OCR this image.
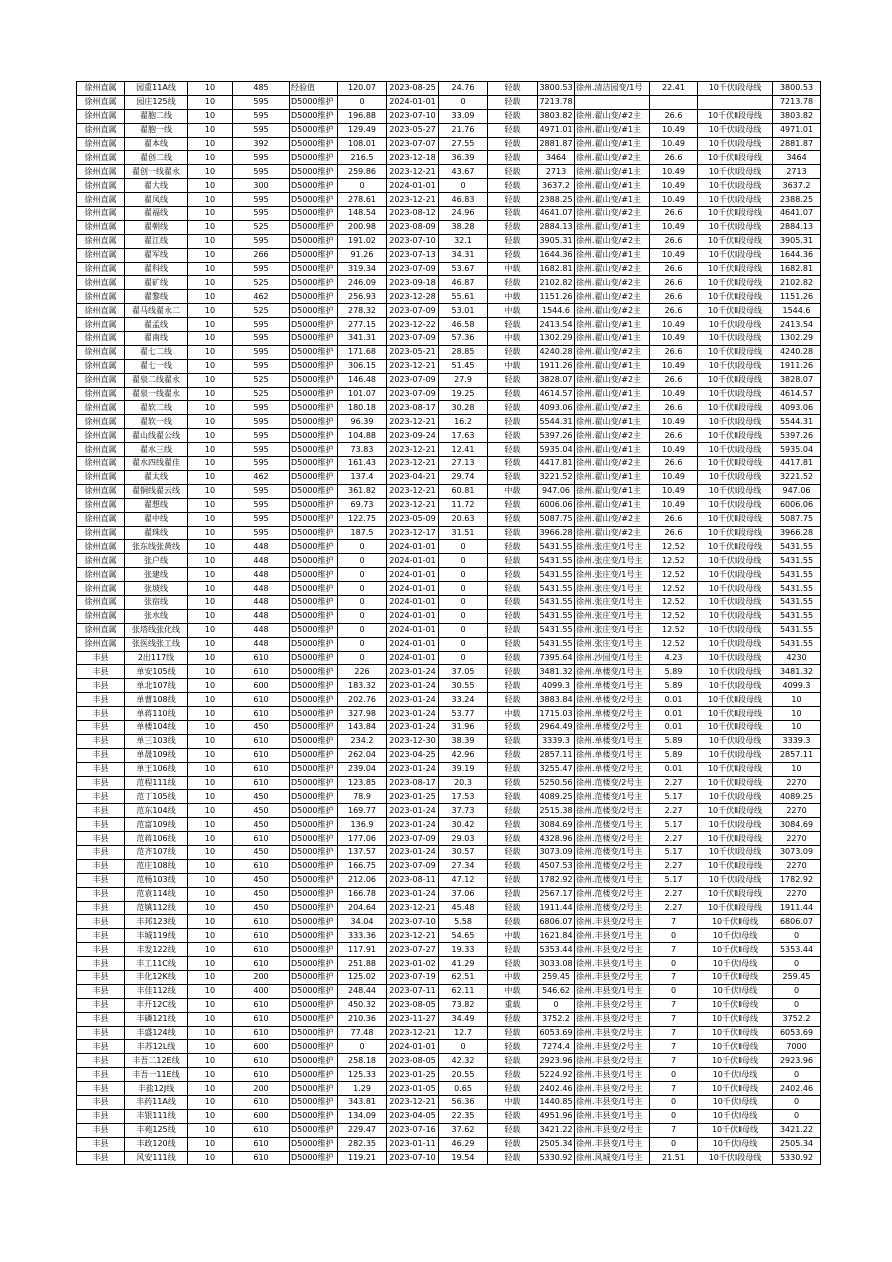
徐州直属	园重11A线	10	485	经验值	120.07	2023-08-25	24.76	轻载	3800.53	徐州.清洁园变/1号	22.41	10千伏Ⅰ段母线	3800.53
徐州直属	园庄125线	10	595	D5000维护	0	2024-01-01	0	轻载	7213.78				7213.78
徐州直属	翟胞二线	10	595	D5000维护	196.88	2023-07-10	33.09	轻载	3803.82	徐州.翟山变/#2主	26.6	10千伏Ⅱ段母线	3803.82
徐州直属	翟胞一线	10	595	D5000维护	129.49	2023-05-27	21.76	轻载	4971.01	徐州.翟山变/#1主	10.49	10千伏Ⅰ段母线	4971.01
徐州直属	翟本线	10	392	D5000维护	108.01	2023-07-07	27.55	轻载	2881.87	徐州.翟山变/#1主	10.49	10千伏Ⅰ段母线	2881.87
徐州直属	翟创二线	10	595	D5000维护	216.5	2023-12-18	36.39	轻载	3464	徐州.翟山变/#2主	26.6	10千伏Ⅱ段母线	3464
徐州直属	翟创一线翟永	10	595	D5000维护	259.86	2023-12-21	43.67	轻载	2713	徐州.翟山变/#1主	10.49	10千伏Ⅰ段母线	2713
徐州直属	翟大线	10	300	D5000维护	0	2024-01-01	0	轻载	3637.2	徐州.翟山变/#1主	10.49	10千伏Ⅰ段母线	3637.2
徐州直属	翟凤线	10	595	D5000维护	278.61	2023-12-21	46.83	轻载	2388.25	徐州.翟山变/#1主	10.49	10千伏Ⅰ段母线	2388.25
徐州直属	翟福线	10	595	D5000维护	148.54	2023-08-12	24.96	轻载	4641.07	徐州.翟山变/#2主	26.6	10千伏Ⅱ段母线	4641.07
徐州直属	翟朝线	10	525	D5000维护	200.98	2023-08-09	38.28	轻载	2884.13	徐州.翟山变/#1主	10.49	10千伏Ⅰ段母线	2884.13
徐州直属	翟江线	10	595	D5000维护	191.02	2023-07-10	32.1	轻载	3905.31	徐州.翟山变/#2主	26.6	10千伏Ⅱ段母线	3905.31
徐州直属	翟军线	10	266	D5000维护	91.26	2023-07-13	34.31	轻载	1644.36	徐州.翟山变/#1主	10.49	10千伏Ⅰ段母线	1644.36
徐州直属	翟科线	10	595	D5000维护	319.34	2023-07-09	53.67	中载	1682.81	徐州.翟山变/#2主	26.6	10千伏Ⅱ段母线	1682.81
徐州直属	翟矿线	10	525	D5000维护	246.09	2023-09-18	46.87	轻载	2102.82	徐州.翟山变/#2主	26.6	10千伏Ⅱ段母线	2102.82
徐州直属	翟黎线	10	462	D5000维护	256.93	2023-12-28	55.61	中载	1151.26	徐州.翟山变/#2主	26.6	10千伏Ⅱ段母线	1151.26
徐州直属	翟马线翟永二	10	525	D5000维护	278.32	2023-07-09	53.01	中载	1544.6	徐州.翟山变/#2主	26.6	10千伏Ⅱ段母线	1544.6
徐州直属	翟孟线	10	595	D5000维护	277.15	2023-12-22	46.58	轻载	2413.54	徐州.翟山变/#1主	10.49	10千伏Ⅰ段母线	2413.54
徐州直属	翟南线	10	595	D5000维护	341.31	2023-07-09	57.36	中载	1302.29	徐州.翟山变/#1主	10.49	10千伏Ⅰ段母线	1302.29
徐州直属	翟七二线	10	595	D5000维护	171.68	2023-05-21	28.85	轻载	4240.28	徐州.翟山变/#2主	26.6	10千伏Ⅱ段母线	4240.28
徐州直属	翟七一线	10	595	D5000维护	306.15	2023-12-21	51.45	中载	1911.26	徐州.翟山变/#1主	10.49	10千伏Ⅰ段母线	1911.26
徐州直属	翟泉二线翟永	10	525	D5000维护	146.48	2023-07-09	27.9	轻载	3828.07	徐州.翟山变/#2主	26.6	10千伏Ⅱ段母线	3828.07
徐州直属	翟泉一线翟永	10	525	D5000维护	101.07	2023-07-09	19.25	轻载	4614.57	徐州.翟山变/#1主	10.49	10千伏Ⅰ段母线	4614.57
徐州直属	翟软二线	10	595	D5000维护	180.18	2023-08-17	30.28	轻载	4093.06	徐州.翟山变/#2主	26.6	10千伏Ⅱ段母线	4093.06
徐州直属	翟软一线	10	595	D5000维护	96.39	2023-12-21	16.2	轻载	5544.31	徐州.翟山变/#1主	10.49	10千伏Ⅰ段母线	5544.31
徐州直属	翟山线翟公线	10	595	D5000维护	104.88	2023-09-24	17.63	轻载	5397.26	徐州.翟山变/#2主	26.6	10千伏Ⅱ段母线	5397.26
徐州直属	翟水三线	10	595	D5000维护	73.83	2023-12-21	12.41	轻载	5935.04	徐州.翟山变/#1主	10.49	10千伏Ⅰ段母线	5935.04
徐州直属	翟水四线翟佳	10	595	D5000维护	161.43	2023-12-21	27.13	轻载	4417.81	徐州.翟山变/#2主	26.6	10千伏Ⅱ段母线	4417.81
徐州直属	翟太线	10	462	D5000维护	137.4	2023-04-21	29.74	轻载	3221.52	徐州.翟山变/#1主	10.49	10千伏Ⅰ段母线	3221.52
徐州直属	翟铜线翟云线	10	595	D5000维护	361.82	2023-12-21	60.81	中载	947.06	徐州.翟山变/#1主	10.49	10千伏Ⅰ段母线	947.06
徐州直属	翟想线	10	595	D5000维护	69.73	2023-12-21	11.72	轻载	6006.06	徐州.翟山变/#1主	10.49	10千伏Ⅰ段母线	6006.06
徐州直属	翟中线	10	595	D5000维护	122.75	2023-05-09	20.63	轻载	5087.75	徐州.翟山变/#2主	26.6	10千伏Ⅱ段母线	5087.75
徐州直属	翟珠线	10	595	D5000维护	187.5	2023-12-17	31.51	轻载	3966.28	徐州.翟山变/#2主	26.6	10千伏Ⅱ段母线	3966.28
徐州直属	张东线张黄线	10	448	D5000维护	0	2024-01-01	0	轻载	5431.55	徐州.张庄变/1号主	12.52	10千伏Ⅱ段母线	5431.55
徐州直属	张户线	10	448	D5000维护	0	2024-01-01	0	轻载	5431.55	徐州.张庄变/1号主	12.52	10千伏Ⅰ段母线	5431.55
徐州直属	张建线	10	448	D5000维护	0	2024-01-01	0	轻载	5431.55	徐州.张庄变/1号主	12.52	10千伏Ⅰ段母线	5431.55
徐州直属	张坡线	10	448	D5000维护	0	2024-01-01	0	轻载	5431.55	徐州.张庄变/1号主	12.52	10千伏Ⅰ段母线	5431.55
徐州直属	张宿线	10	448	D5000维护	0	2024-01-01	0	轻载	5431.55	徐州.张庄变/1号主	12.52	10千伏Ⅰ段母线	5431.55
徐州直属	张水线	10	448	D5000维护	0	2024-01-01	0	轻载	5431.55	徐州.张庄变/1号主	12.52	10千伏Ⅰ段母线	5431.55
徐州直属	张塔线张化线	10	448	D5000维护	0	2024-01-01	0	轻载	5431.55	徐州.张庄变/1号主	12.52	10千伏Ⅰ段母线	5431.55
徐州直属	张医线张工线	10	448	D5000维护	0	2024-01-01	0	轻载	5431.55	徐州.张庄变/1号主	12.52	10千伏Ⅰ段母线	5431.55
丰县	2出117线	10	610	D5000维护	0	2024-01-01	0	轻载	7395.64	徐州.沙园变/1号主	4.23	10千伏Ⅰ段母线	4230
丰县	单安105线	10	610	D5000维护	226	2023-01-24	37.05	轻载	3481.32	徐州.单楼变/1号主	5.89	10千伏Ⅰ段母线	3481.32
丰县	单北107线	10	600	D5000维护	183.32	2023-01-24	30.55	轻载	4099.3	徐州.单楼变/1号主	5.89	10千伏Ⅰ段母线	4099.3
丰县	单曹108线	10	610	D5000维护	202.76	2023-01-24	33.24	轻载	3883.84	徐州.单楼变/2号主	0.01	10千伏Ⅱ段母线	10
丰县	单蒋110线	10	610	D5000维护	327.98	2023-01-24	53.77	中载	1715.03	徐州.单楼变/2号主	0.01	10千伏Ⅱ段母线	10
丰县	单楼104线	10	450	D5000维护	143.84	2023-01-24	31.96	轻载	2964.49	徐州.单楼变/2号主	0.01	10千伏Ⅱ段母线	10
丰县	单三103线	10	610	D5000维护	234.2	2023-12-30	38.39	轻载	3339.3	徐州.单楼变/1号主	5.89	10千伏Ⅰ段母线	3339.3
丰县	单晟109线	10	610	D5000维护	262.04	2023-04-25	42.96	轻载	2857.11	徐州.单楼变/1号主	5.89	10千伏Ⅰ段母线	2857.11
丰县	单王106线	10	610	D5000维护	239.04	2023-01-24	39.19	轻载	3255.47	徐州.单楼变/2号主	0.01	10千伏Ⅱ段母线	10
丰县	范程111线	10	610	D5000维护	123.85	2023-08-17	20.3	轻载	5250.56	徐州.范楼变/2号主	2.27	10千伏Ⅱ段母线	2270
丰县	范丁105线	10	450	D5000维护	78.9	2023-01-25	17.53	轻载	4089.25	徐州.范楼变/1号主	5.17	10千伏Ⅰ段母线	4089.25
丰县	范东104线	10	450	D5000维护	169.77	2023-01-24	37.73	轻载	2515.38	徐州.范楼变/2号主	2.27	10千伏Ⅱ段母线	2270
丰县	范富109线	10	450	D5000维护	136.9	2023-01-24	30.42	轻载	3084.69	徐州.范楼变/1号主	5.17	10千伏Ⅰ段母线	3084.69
丰县	范蒋106线	10	610	D5000维护	177.06	2023-07-09	29.03	轻载	4328.96	徐州.范楼变/2号主	2.27	10千伏Ⅱ段母线	2270
丰县	范齐107线	10	450	D5000维护	137.57	2023-01-24	30.57	轻载	3073.09	徐州.范楼变/1号主	5.17	10千伏Ⅰ段母线	3073.09
丰县	范庄108线	10	610	D5000维护	166.75	2023-07-09	27.34	轻载	4507.53	徐州.范楼变/2号主	2.27	10千伏Ⅱ段母线	2270
丰县	范杨103线	10	450	D5000维护	212.06	2023-08-11	47.12	轻载	1782.92	徐州.范楼变/1号主	5.17	10千伏Ⅰ段母线	1782.92
丰县	范袁114线	10	450	D5000维护	166.78	2023-01-24	37.06	轻载	2567.17	徐州.范楼变/2号主	2.27	10千伏Ⅱ段母线	2270
丰县	范镇112线	10	450	D5000维护	204.64	2023-12-21	45.48	轻载	1911.44	徐州.范楼变/2号主	2.27	10千伏Ⅱ段母线	1911.44
丰县	丰邦123线	10	610	D5000维护	34.04	2023-07-10	5.58	轻载	6806.07	徐州.丰县变/2号主	7	10千伏Ⅱ母线	6806.07
丰县	丰城119线	10	610	D5000维护	333.36	2023-12-21	54.65	中载	1621.84	徐州.丰县变/1号主	0	10千伏Ⅰ母线	0
丰县	丰发122线	10	610	D5000维护	117.91	2023-07-27	19.33	轻载	5353.44	徐州.丰县变/2号主	7	10千伏Ⅱ母线	5353.44
丰县	丰工11C线	10	610	D5000维护	251.88	2023-01-02	41.29	轻载	3033.08	徐州.丰县变/1号主	0	10千伏Ⅰ母线	0
丰县	丰化12K线	10	200	D5000维护	125.02	2023-07-19	62.51	中载	259.45	徐州.丰县变/2号主	7	10千伏Ⅱ母线	259.45
丰县	丰佳112线	10	400	D5000维护	248.44	2023-07-11	62.11	中载	546.62	徐州.丰县变/1号主	0	10千伏Ⅰ母线	0
丰县	丰开12C线	10	610	D5000维护	450.32	2023-08-05	73.82	重载	0	徐州.丰县变/2号主	7	10千伏Ⅱ母线	0
丰县	丰磷121线	10	610	D5000维护	210.36	2023-11-27	34.49	轻载	3752.2	徐州.丰县变/2号主	7	10千伏Ⅱ母线	3752.2
丰县	丰盛124线	10	610	D5000维护	77.48	2023-12-21	12.7	轻载	6053.69	徐州.丰县变/2号主	7	10千伏Ⅱ母线	6053.69
丰县	丰苏12L线	10	600	D5000维护	0	2024-01-01	0	轻载	7274.4	徐州.丰县变/2号主	7	10千伏Ⅱ母线	7000
丰县	丰吾二12E线	10	610	D5000维护	258.18	2023-08-05	42.32	轻载	2923.96	徐州.丰县变/2号主	7	10千伏Ⅱ母线	2923.96
丰县	丰吾一11E线	10	610	D5000维护	125.33	2023-01-25	20.55	轻载	5224.92	徐州.丰县变/1号主	0	10千伏Ⅰ母线	0
丰县	丰盐12J线	10	200	D5000维护	1.29	2023-01-05	0.65	轻载	2402.46	徐州.丰县变/2号主	7	10千伏Ⅱ母线	2402.46
丰县	丰药11A线	10	610	D5000维护	343.81	2023-12-21	56.36	中载	1440.85	徐州.丰县变/1号主	0	10千伏Ⅰ母线	0
丰县	丰银111线	10	600	D5000维护	134.09	2023-04-05	22.35	轻载	4951.96	徐州.丰县变/1号主	0	10千伏Ⅰ母线	0
丰县	丰苑125线	10	610	D5000维护	229.47	2023-07-16	37.62	轻载	3421.22	徐州.丰县变/2号主	7	10千伏Ⅱ母线	3421.22
丰县	丰政120线	10	610	D5000维护	282.35	2023-01-11	46.29	轻载	2505.34	徐州.丰县变/1号主	0	10千伏Ⅰ母线	2505.34
丰县	风安111线	10	610	D5000维护	119.21	2023-07-10	19.54	轻载	5330.92	徐州.风城变/1号主	21.51	10千伏Ⅰ段母线	5330.92
